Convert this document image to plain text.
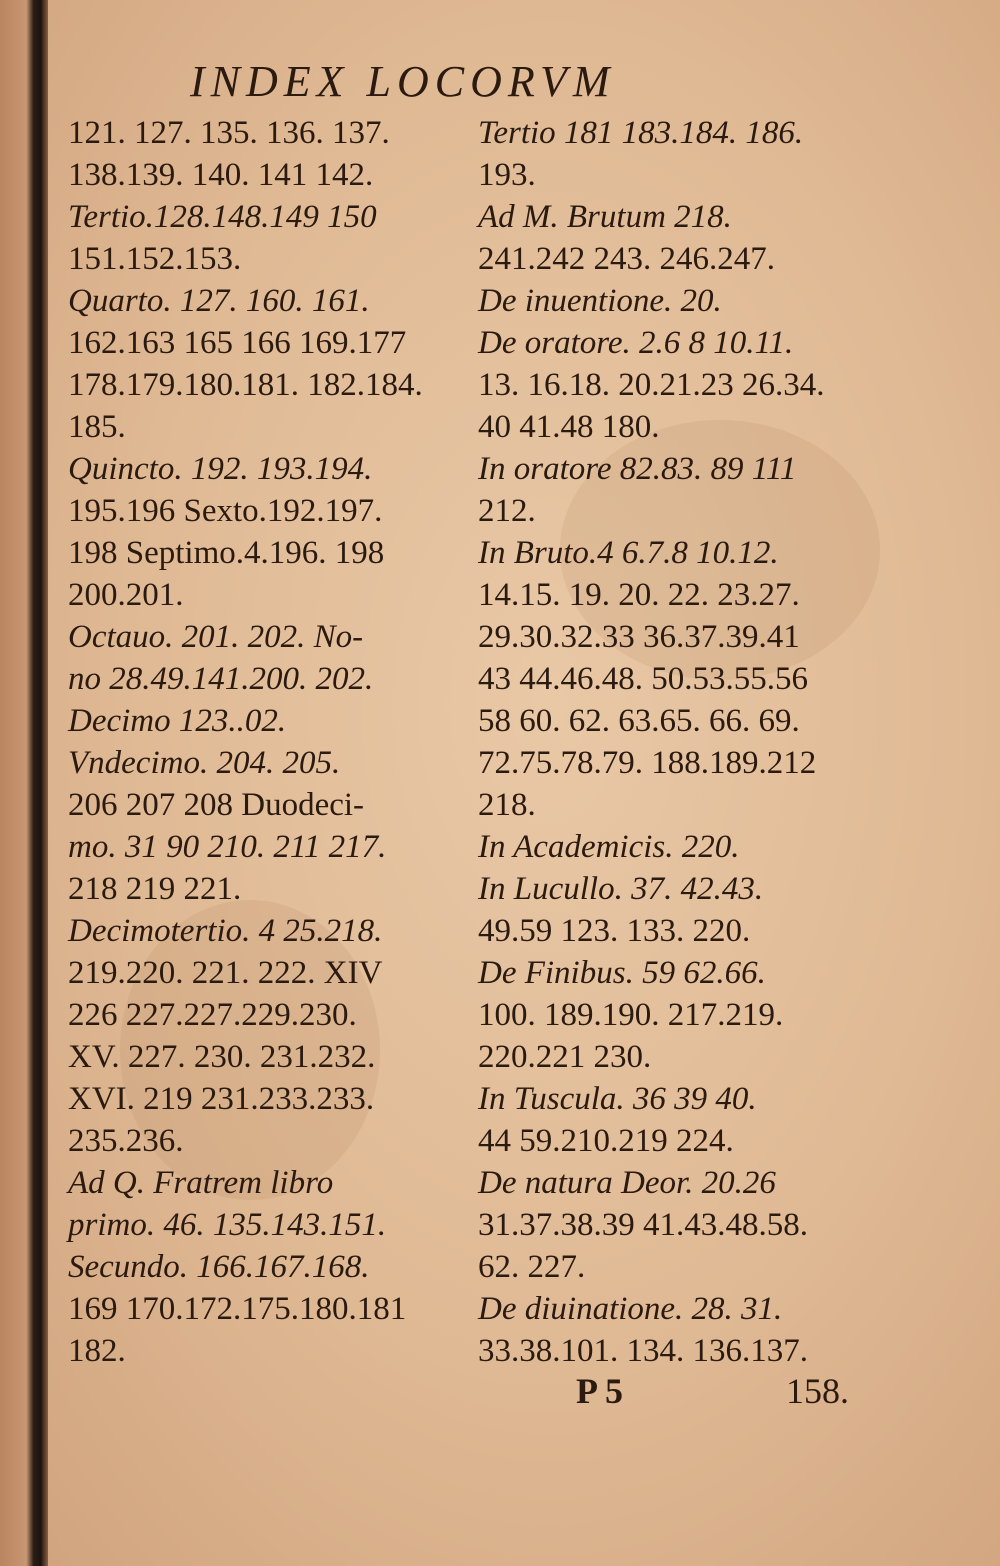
INDEX LOCORVM
121. 127. 135. 136. 137.
138.139. 140. 141 142.
Tertio.128.148.149 150
151.152.153.
Quarto. 127. 160. 161.
162.163 165 166 169.177
178.179.180.181. 182.184.
185.
Quincto. 192. 193.194.
195.196 Sexto.192.197.
198 Septimo.4.196. 198
200.201.
Octauo. 201. 202. No-
no 28.49.141.200. 202.
Decimo 123..02.
Vndecimo. 204. 205.
206 207 208 Duodeci-
mo. 31 90 210. 211 217.
218 219 221.
Decimotertio. 4 25.218.
219.220. 221. 222. XIV
226 227.227.229.230.
XV. 227. 230. 231.232.
XVI. 219 231.233.233.
235.236.
Ad Q. Fratrem libro
primo. 46. 135.143.151.
Secundo. 166.167.168.
169 170.172.175.180.181
182.
Tertio 181 183.184. 186.
193.
Ad M. Brutum 218.
241.242 243. 246.247.
De inuentione. 20.
De oratore. 2.6 8 10.11.
13. 16.18. 20.21.23 26.34.
40 41.48 180.
In oratore 82.83. 89 111
212.
In Bruto.4 6.7.8 10.12.
14.15. 19. 20. 22. 23.27.
29.30.32.33 36.37.39.41
43 44.46.48. 50.53.55.56
58 60. 62. 63.65. 66. 69.
72.75.78.79. 188.189.212
218.
In Academicis. 220.
In Lucullo. 37. 42.43.
49.59 123. 133. 220.
De Finibus. 59 62.66.
100. 189.190. 217.219.
220.221 230.
In Tuscula. 36 39 40.
44 59.210.219 224.
De natura Deor. 20.26
31.37.38.39 41.43.48.58.
62. 227.
De diuinatione. 28. 31.
33.38.101. 134. 136.137.
P 5	158.
